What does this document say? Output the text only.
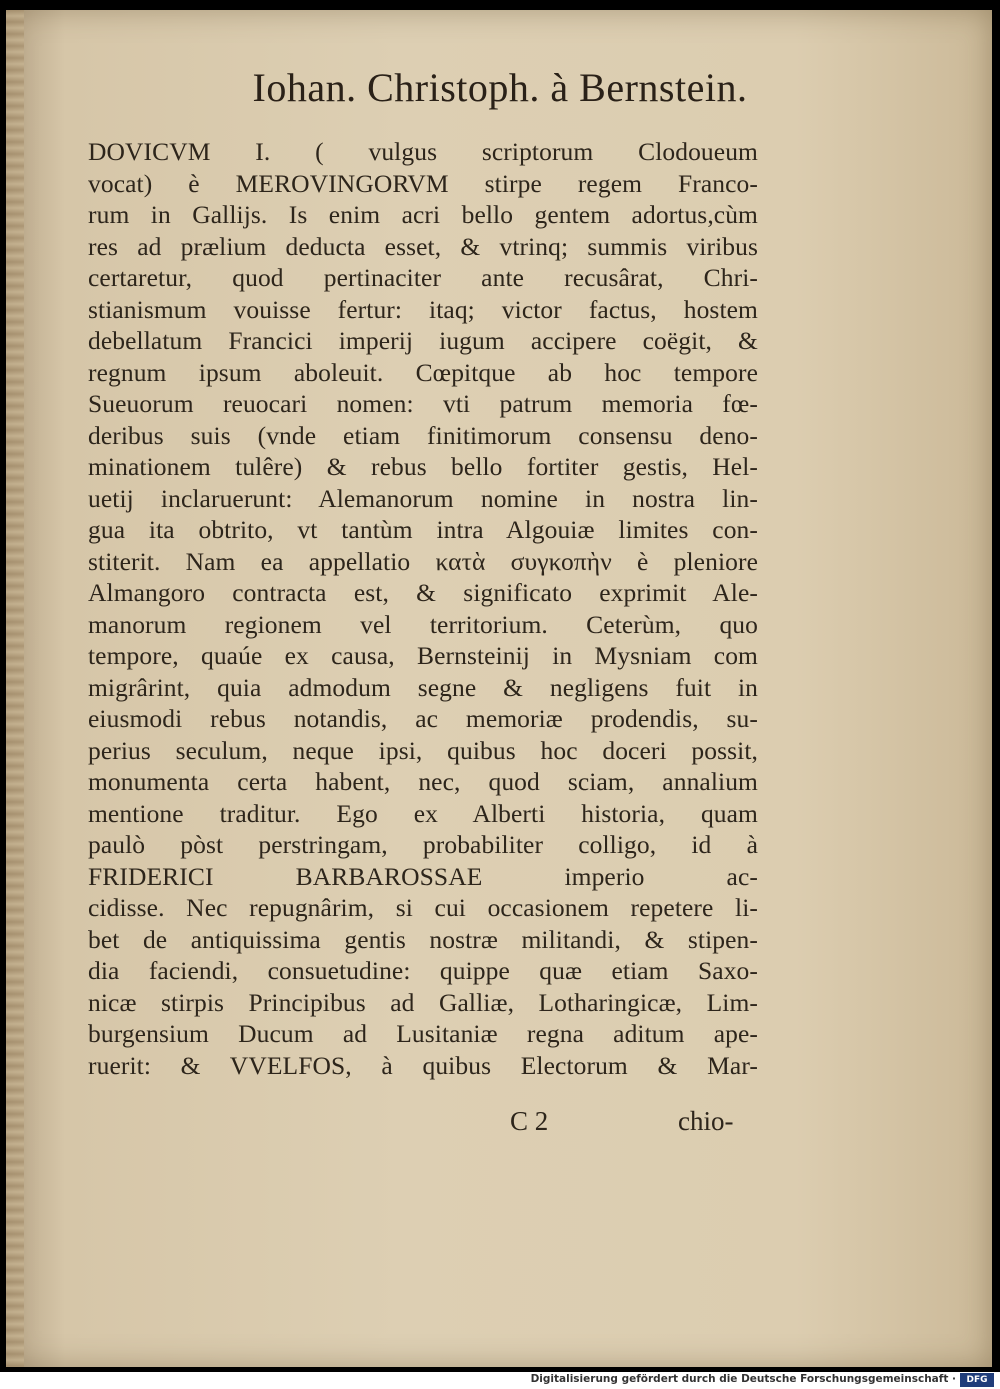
Iohan. Christoph. à Bernstein.
DOVICVM I. ( vulgus scriptorum Clodoueum
vocat) è MEROVINGORVM stirpe regem Franco-
rum in Gallijs. Is enim acri bello gentem adortus,cùm
res ad prælium deducta esset, & vtrinq; summis viribus
certaretur, quod pertinaciter ante recusârat, Chri-
stianismum vouisse fertur: itaq; victor factus, hostem
debellatum Francici imperij iugum accipere coëgit, &
regnum ipsum aboleuit. Cœpitque ab hoc tempore
Sueuorum reuocari nomen: vti patrum memoria fœ-
deribus suis (vnde etiam finitimorum consensu deno-
minationem tulêre) & rebus bello fortiter gestis, Hel-
uetij inclaruerunt: Alemanorum nomine in nostra lin-
gua ita obtrito, vt tantùm intra Algouiæ limites con-
stiterit. Nam ea appellatio κατὰ συγκοπὴν è pleniore
Almangoro contracta est, & significato exprimit Ale-
manorum regionem vel territorium. Ceterùm, quo
tempore, quaúe ex causa, Bernsteinij in Mysniam com
migrârint, quia admodum segne & negligens fuit in
eiusmodi rebus notandis, ac memoriæ prodendis, su-
perius seculum, neque ipsi, quibus hoc doceri possit,
monumenta certa habent, nec, quod sciam, annalium
mentione traditur. Ego ex Alberti historia, quam
paulò pòst perstringam, probabiliter colligo, id à
FRIDERICI BARBAROSSAE imperio ac-
cidisse. Nec repugnârim, si cui occasionem repetere li-
bet de antiquissima gentis nostræ militandi, & stipen-
dia faciendi, consuetudine: quippe quæ etiam Saxo-
nicæ stirpis Principibus ad Galliæ, Lotharingicæ, Lim-
burgensium Ducum ad Lusitaniæ regna aditum ape-
ruerit: & VVELFOS, à quibus Electorum & Mar-
C 2	chio-
Digitalisierung gefördert durch die Deutsche Forschungsgemeinschaft ·	DFG
